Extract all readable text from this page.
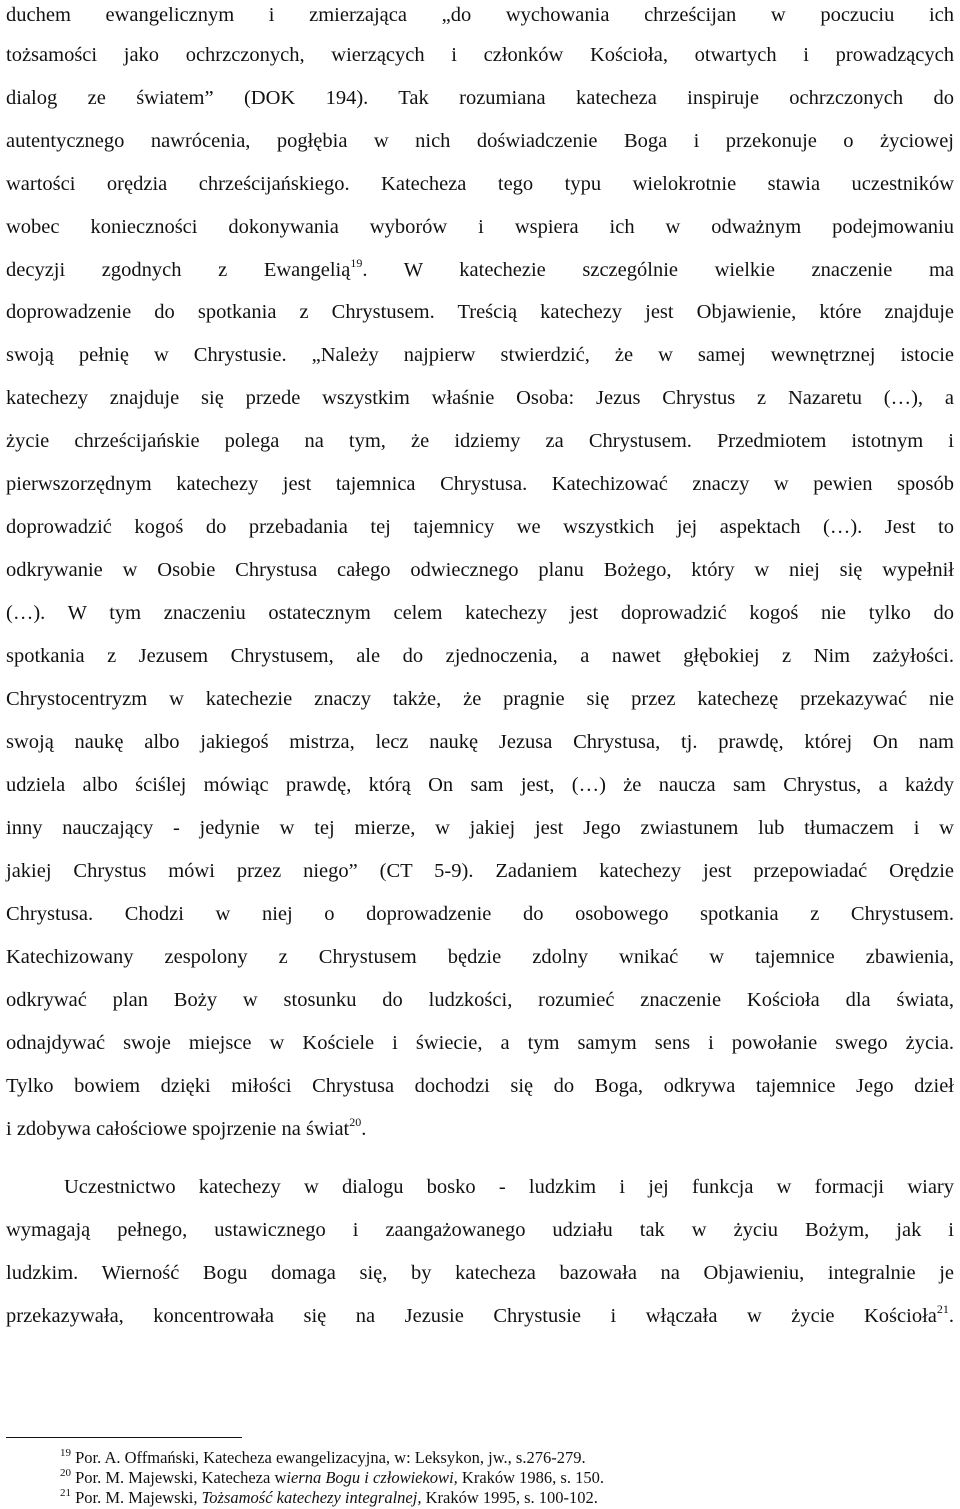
duchem ewangelicznym i zmierzająca „do wychowania chrześcijan w poczuciu ich
tożsamości jako ochrzczonych, wierzących i członków Kościoła, otwartych i prowadzących
dialog ze światem” (DOK 194). Tak rozumiana katecheza inspiruje ochrzczonych do
autentycznego nawrócenia, pogłębia w nich doświadczenie Boga i przekonuje o życiowej
wartości orędzia chrześcijańskiego. Katecheza tego typu wielokrotnie stawia uczestników
wobec konieczności dokonywania wyborów i wspiera ich w odważnym podejmowaniu
decyzji zgodnych z Ewangelią$^{19}$. W katechezie szczególnie wielkie znaczenie ma
doprowadzenie do spotkania z Chrystusem. Treścią katechezy jest Objawienie, które znajduje
swoją pełnię w Chrystusie. „Należy najpierw stwierdzić, że w samej wewnętrznej istocie
katechezy znajduje się przede wszystkim właśnie Osoba: Jezus Chrystus z Nazaretu (…), a
życie chrześcijańskie polega na tym, że idziemy za Chrystusem. Przedmiotem istotnym i
pierwszorzędnym katechezy jest tajemnica Chrystusa. Katechizować znaczy w pewien sposób
doprowadzić kogoś do przebadania tej tajemnicy we wszystkich jej aspektach (…). Jest to
odkrywanie w Osobie Chrystusa całego odwiecznego planu Bożego, który w niej się wypełnił
(…). W tym znaczeniu ostatecznym celem katechezy jest doprowadzić kogoś nie tylko do
spotkania z Jezusem Chrystusem, ale do zjednoczenia, a nawet głębokiej z Nim zażyłości.
Chrystocentryzm w katechezie znaczy także, że pragnie się przez katechezę przekazywać nie
swoją naukę albo jakiegoś mistrza, lecz naukę Jezusa Chrystusa, tj. prawdę, której On nam
udziela albo ściślej mówiąc prawdę, którą On sam jest, (…) że naucza sam Chrystus, a każdy
inny nauczający - jedynie w tej mierze, w jakiej jest Jego zwiastunem lub tłumaczem i w
jakiej Chrystus mówi przez niego” (CT 5-9). Zadaniem katechezy jest przepowiadać Orędzie
Chrystusa. Chodzi w niej o doprowadzenie do osobowego spotkania z Chrystusem.
Katechizowany zespolony z Chrystusem będzie zdolny wnikać w tajemnice zbawienia,
odkrywać plan Boży w stosunku do ludzkości, rozumieć znaczenie Kościoła dla świata,
odnajdywać swoje miejsce w Kościele i świecie, a tym samym sens i powołanie swego życia.
Tylko bowiem dzięki miłości Chrystusa dochodzi się do Boga, odkrywa tajemnice Jego dzieł
i zdobywa całościowe spojrzenie na świat$^{20}$.
Uczestnictwo katechezy w dialogu bosko - ludzkim i jej funkcja w formacji wiary
wymagają pełnego, ustawicznego i zaangażowanego udziału tak w życiu Bożym, jak i
ludzkim. Wierność Bogu domaga się, by katecheza bazowała na Objawieniu, integralnie je
przekazywała, koncentrowała się na Jezusie Chrystusie i włączała w życie Kościoła$^{21}$.
$^{19}$ Por. A. Offmański, Katecheza ewangelizacyjna, w: Leksykon, jw., s.276-279.
$^{20}$ Por. M. Majewski, Katecheza wierna Bogu i człowiekowi, Kraków 1986, s. 150.
$^{21}$ Por. M. Majewski, Tożsamość katechezy integralnej, Kraków 1995, s. 100-102.
